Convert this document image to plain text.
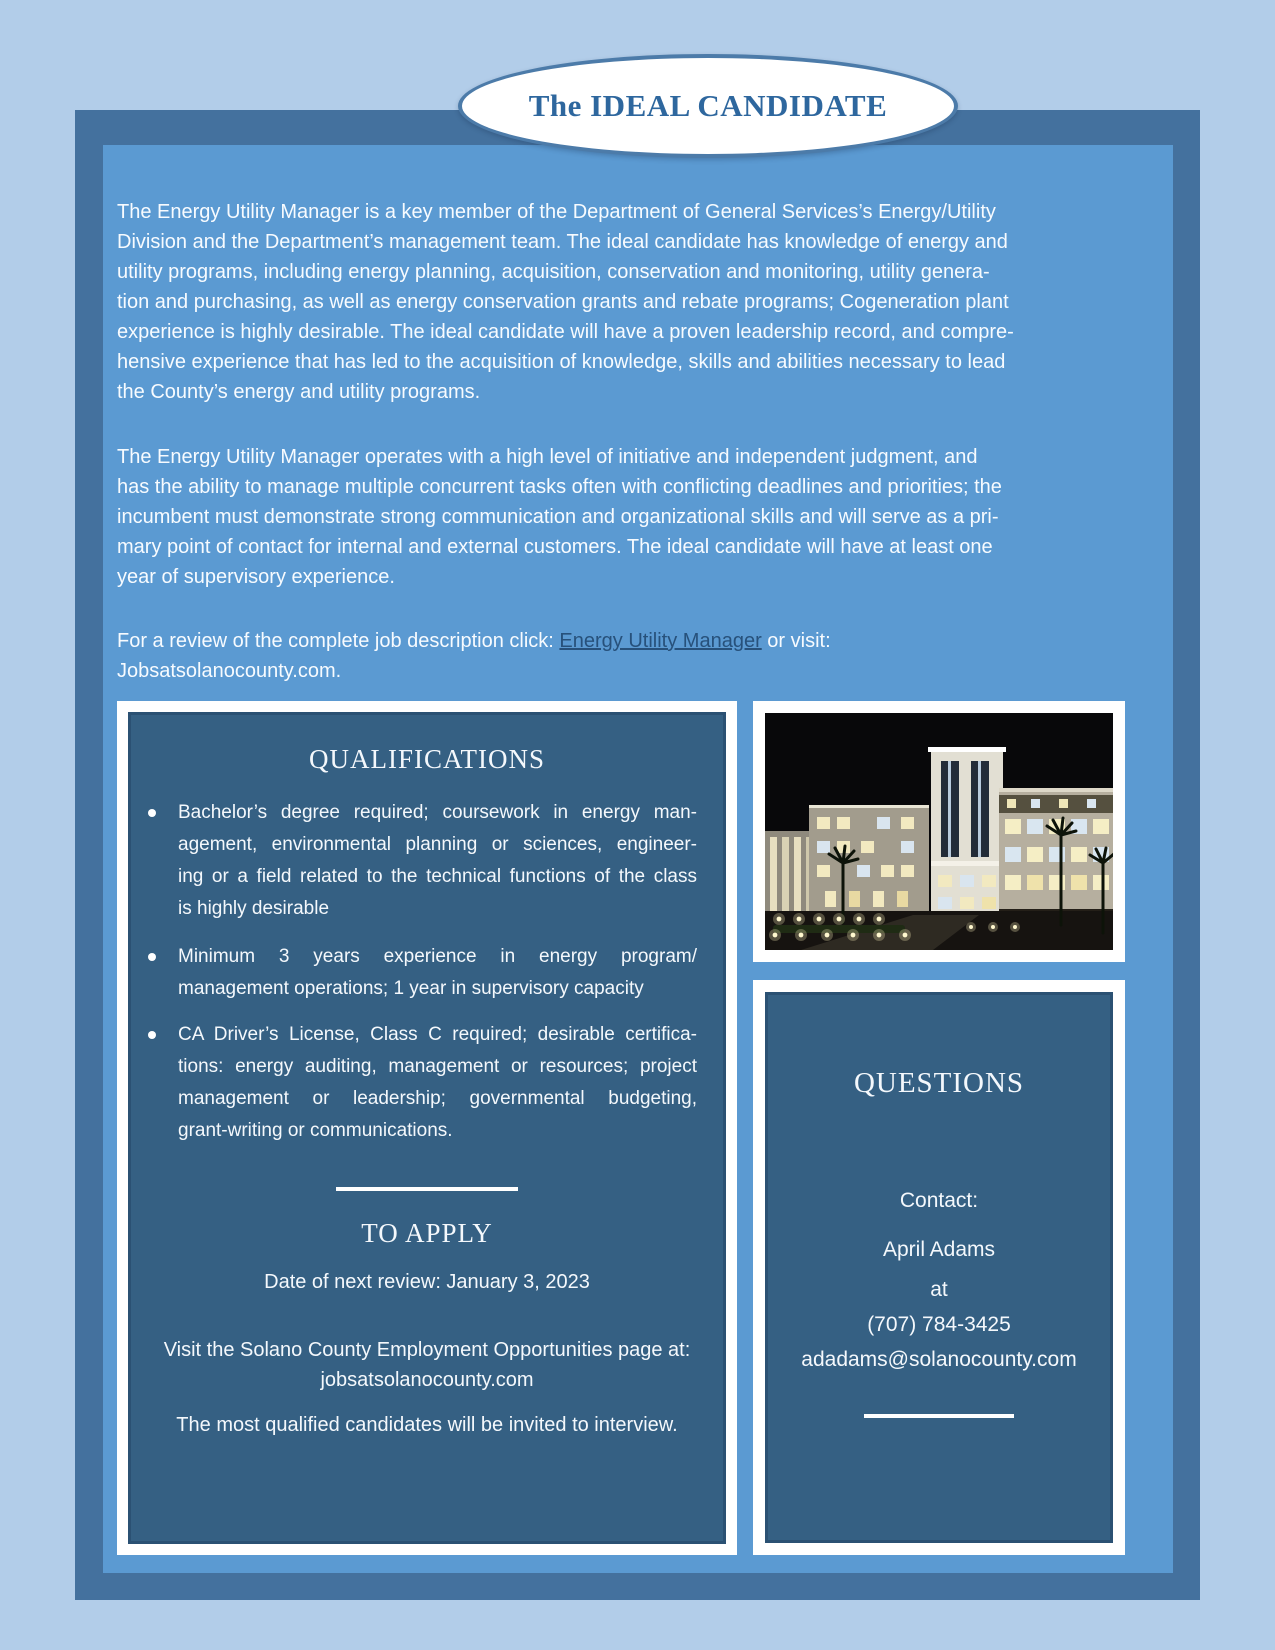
The IDEAL CANDIDATE
The Energy Utility Manager is a key member of the Department of General Services’s Energy/Utility
Division and the Department’s management team. The ideal candidate has knowledge of energy and
utility programs, including energy planning, acquisition, conservation and monitoring, utility genera-
tion and purchasing, as well as energy conservation grants and rebate programs; Cogeneration plant
experience is highly desirable. The ideal candidate will have a proven leadership record, and compre-
hensive experience that has led to the acquisition of knowledge, skills and abilities necessary to lead
the County’s energy and utility programs.
The Energy Utility Manager operates with a high level of initiative and independent judgment, and
has the ability to manage multiple concurrent tasks often with conflicting deadlines and priorities; the
incumbent must demonstrate strong communication and organizational skills and will serve as a pri-
mary point of contact for internal and external customers. The ideal candidate will have at least one
year of supervisory experience.
For a review of the complete job description click: Energy Utility Manager or visit:
Jobsatsolanocounty.com.
QUALIFICATIONS
Bachelor’s degree required; coursework in energy man-
agement, environmental planning or sciences, engineer-
ing or a field related to the technical functions of the class
is highly desirable
Minimum 3 years experience in energy program/
management operations; 1 year in supervisory capacity
CA Driver’s License, Class C required; desirable certifica-
tions: energy auditing, management or resources; project
management or leadership; governmental budgeting,
grant-writing or communications.
TO APPLY
Date of next review: January 3, 2023
Visit the Solano County Employment Opportunities page at:
jobsatsolanocounty.com
The most qualified candidates will be invited to interview.
QUESTIONS
Contact:
April Adams
at
(707) 784-3425
adadams@solanocounty.com
